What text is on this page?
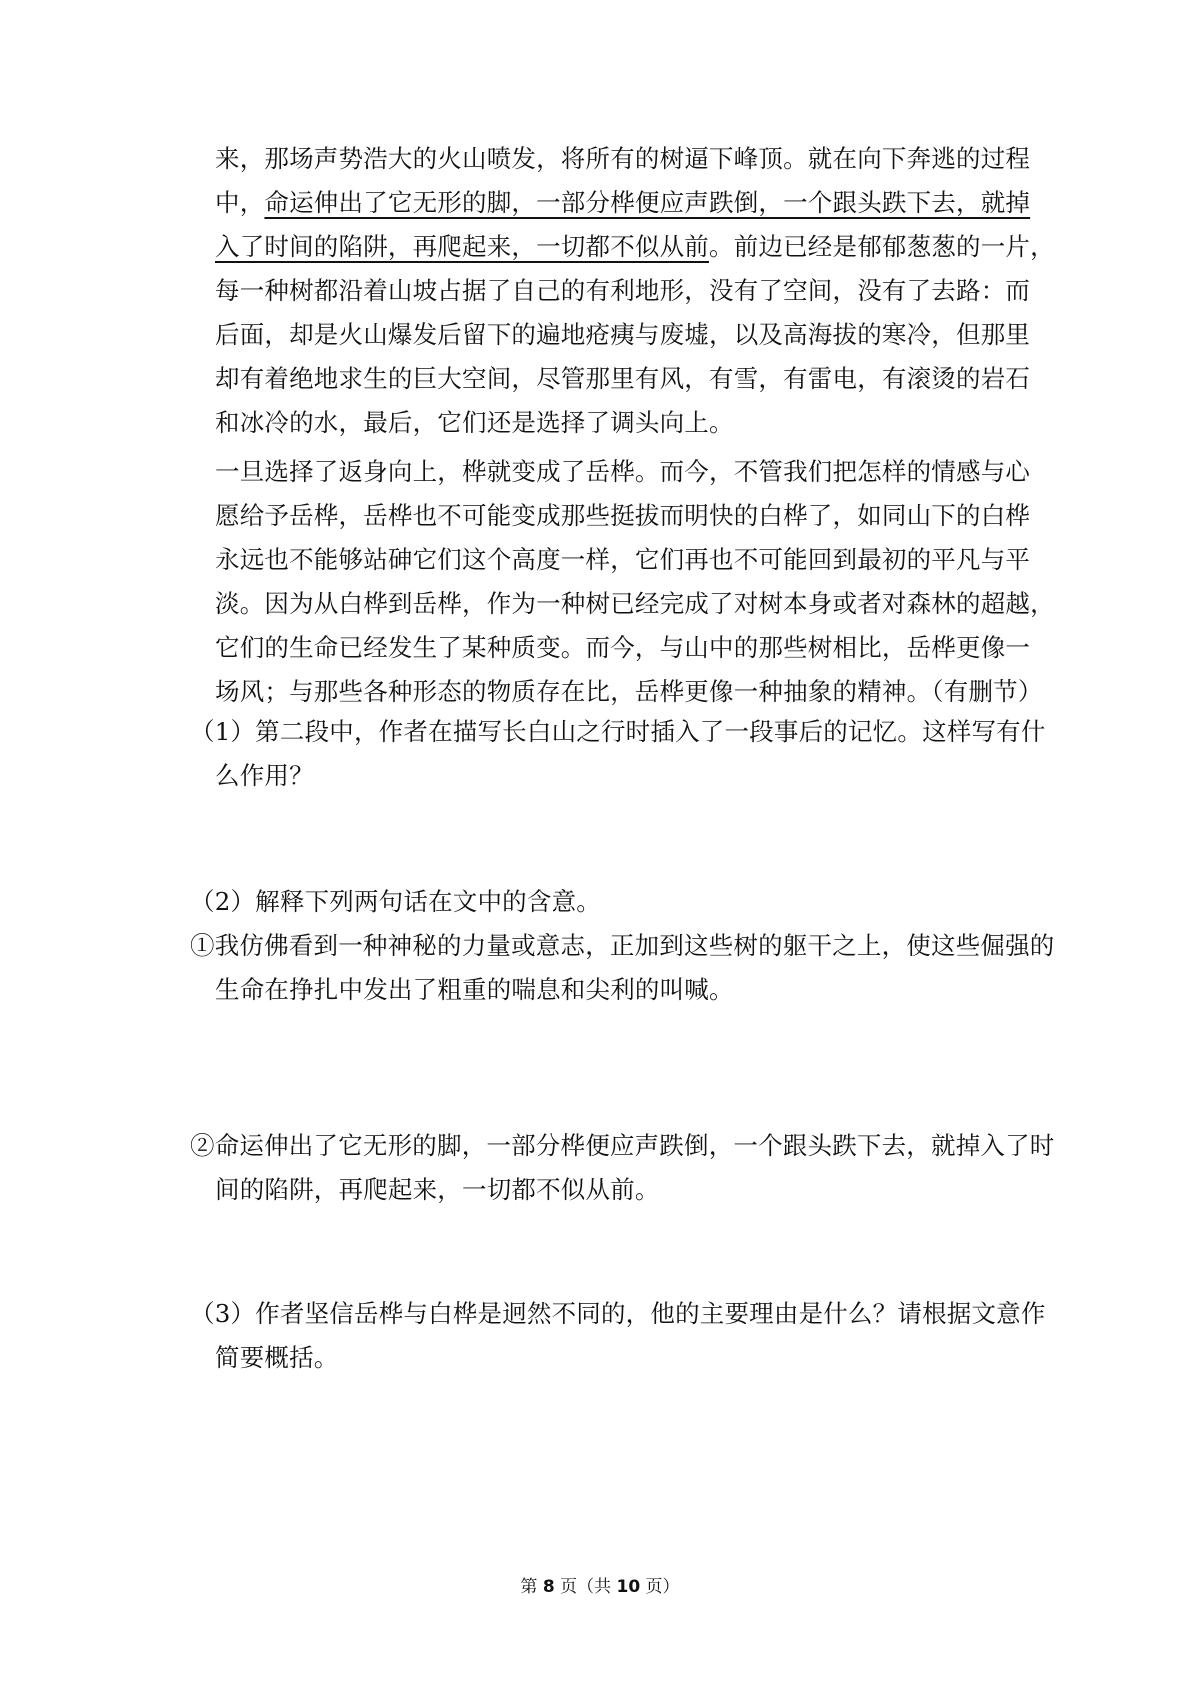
来，那场声势浩大的火山喷发，将所有的树逼下峰顶。就在向下奔逃的过程
中，命运伸出了它无形的脚，一部分桦便应声跌倒，一个跟头跌下去，就掉
入了时间的陷阱，再爬起来，一切都不似从前。前边已经是郁郁葱葱的一片，
每一种树都沿着山坡占据了自己的有利地形，没有了空间，没有了去路：而
后面，却是火山爆发后留下的遍地疮痍与废墟，以及高海拔的寒冷，但那里
却有着绝地求生的巨大空间，尽管那里有风，有雪，有雷电，有滚烫的岩石
和冰冷的水，最后，它们还是选择了调头向上。
一旦选择了返身向上，桦就变成了岳桦。而今，不管我们把怎样的情感与心
愿给予岳桦，岳桦也不可能变成那些挺拔而明快的白桦了，如同山下的白桦
永远也不能够站砷它们这个高度一样，它们再也不可能回到最初的平凡与平
淡。因为从白桦到岳桦，作为一种树已经完成了对树本身或者对森林的超越，
它们的生命已经发生了某种质变。而今，与山中的那些树相比，岳桦更像一
场风；与那些各种形态的物质存在比，岳桦更像一种抽象的精神。（有删节）
（1）第二段中，作者在描写长白山之行时插入了一段事后的记忆。这样写有什
么作用？
（2）解释下列两句话在文中的含意。
①我仿佛看到一种神秘的力量或意志，正加到这些树的躯干之上，使这些倔强的
生命在挣扎中发出了粗重的喘息和尖利的叫喊。
②命运伸出了它无形的脚，一部分桦便应声跌倒，一个跟头跌下去，就掉入了时
间的陷阱，再爬起来，一切都不似从前。
（3）作者坚信岳桦与白桦是迥然不同的，他的主要理由是什么？请根据文意作
简要概括。
第 8 页（共 10 页）
